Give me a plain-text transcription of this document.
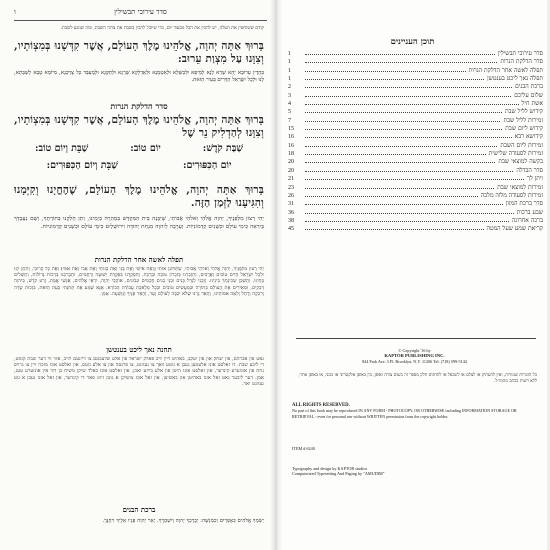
ו	סדר עירובי תבשילין
קודם ששוחטין את הטלה, יש להכין את הכל מבעוד יום, כדי שיוכל להכין בשבת את צרכי השבת, ומה שנוגע לשבת.
בָּרוּךְ אַתָּה יְהוָה, אֱלֹהֵינוּ מֶלֶךְ הָעוֹלָם, אֲשֶׁר קִדְּשָׁנוּ בְּמִצְוֹתָיו, וְצִוָּנוּ עַל מִצְוַת עֵרוּב:
בַּהֲדֵין עֵרוּבָא יְהֵא שָׁרֵא לָנָא לְמֵיפָא וּלְבַשָּׁלָא וּלְאַטְמָנָא וּלְאַדְלָקָא שְׁרָגָא וּלְתַקָּנָא וּלְמֶעְבַּד כָּל צָרְכָּנָא, מִיּוֹמָא טָבָא לְשַׁבְּתָא, לָנוּ וּלְכָל יִשְׂרָאֵל הַדָּרִים בָּעִיר הַזֹּאת.
סדר הדלקת הנרות
בָּרוּךְ אַתָּה יְהוָה, אֱלֹהֵינוּ מֶלֶךְ הָעוֹלָם, אֲשֶׁר קִדְּשָׁנוּ בְּמִצְוֹתָיו, וְצִוָּנוּ לְהַדְלִיק נֵר שֶׁל
שַׁבַּת קֹדֶשׁ:
יוֹם טוֹב:
שַׁבָּת וְיוֹם טוֹב:
יוֹם הַכִּפּוּרִים:
שַׁבָּת וְיוֹם הַכִּפּוּרִים:
בָּרוּךְ אַתָּה יְהוָה, אֱלֹהֵינוּ מֶלֶךְ הָעוֹלָם, שֶׁהֶחֱיָנוּ וְקִיְּמָנוּ וְהִגִּיעָנוּ לַזְּמַן הַזֶּה.
יְהִי רָצוֹן מִלְּפָנֶיךָ, יְהוָה אֱלֹהַי וֵאלֹהֵי אֲבוֹתַי, שֶׁיִּבָּנֶה בֵּית הַמִּקְדָּשׁ בִּמְהֵרָה בְיָמֵינוּ, וְתֵן חֶלְקֵנוּ בְּתוֹרָתֶךָ, וְשָׁם נַעֲבָדְךָ בְּיִרְאָה כִּימֵי עוֹלָם וּכְשָׁנִים קַדְמוֹנִיּוֹת. וְעָרְבָה לַיהוָה מִנְחַת יְהוּדָה וִירוּשָׁלָיִם כִּימֵי עוֹלָם וּכְשָׁנִים קַדְמוֹנִיּוֹת.
תפלה לאשה אחר הדלקת הנרות
יְהִי רָצוֹן מִלְּפָנֶיךָ, יְהוָה אֱלֹהַי וֵאלֹהֵי אֲבוֹתַי, שֶׁתְּחוֹנֵן אוֹתִי (וְאֶת אִישִׁי וְאֶת בָּנַי וְאֶת בְּנוֹתַי וְאֶת אָבִי וְאֶת אִמִּי) וְאֶת כָּל קְרוֹבַי, וְתִתֶּן לָנוּ וּלְכָל יִשְׂרָאֵל חַיִּים טוֹבִים וַאֲרֻכִּים, וְתִזְכְּרֵנוּ בְּזִכְרוֹן טוֹבָה וּבְרָכָה, וְתִפְקְדֵנוּ בִּפְקֻדַּת יְשׁוּעָה וְרַחֲמִים, וּתְבָרְכֵנוּ בְּרָכוֹת גְּדוֹלוֹת, וְתַשְׁלִים בָּתֵּינוּ, וְתַשְׁכֵּן שְׁכִינָתְךָ בֵּינֵינוּ. וְזַכֵּנִי לְגַדֵּל בָּנִים וּבְנֵי בָנִים חֲכָמִים וּנְבוֹנִים, אוֹהֲבֵי יְהוָה, יִרְאֵי אֱלֹהִים, אַנְשֵׁי אֱמֶת, זֶרַע קֹדֶשׁ, בַּיהוָה דְּבֵקִים, וּמְאִירִים אֶת הָעוֹלָם בַּתּוֹרָה וּבְמַעֲשִׂים טוֹבִים וּבְכָל מְלֶאכֶת עֲבוֹדַת הַבּוֹרֵא. אָנָּא שְׁמַע אֶת תְּחִנָּתִי בָּעֵת הַזֹּאת, בִּזְכוּת שָׂרָה וְרִבְקָה וְרָחֵל וְלֵאָה אִמּוֹתֵינוּ, וְהָאֵר נֵרֵנוּ שֶׁלֹּא יִכְבֶּה לְעוֹלָם וָעֶד, וְהָאֵר פָּנֶיךָ וְנִוָּשֵׁעָה. אָמֵן.
תחנה נאך ליכט בענטשן
גאט פון אברהם, פון יצחק און פון יעקב, באהיט דיין ליב פאלק ישראל פון אלע שלעכטס צו דיינעם לויב, אזוי ווי דער שבת קומט, די ליבע שבת. דו זאלסט אונז אלעמען געבן א גוטע וואך צו געזונט, צו פרנסה און צו אלע גוטס, און זאלסט אונז מזכה זיין צו גרויס נחת פון אונזערע קינדער, און זאלסט אונז היטן פון אלע בייזע זאכן. און זאלסט אונז באלד שיקן משיח בן דוד אין אונזערע טעג, אמן. דער ליבער גאט זאל אונז באהיטן און באשיצן, און זאל אונז צושיקן א גוטן זיווג פאר די קינדער, און זאל אונז געבן א גוט געזונט יאר.
ברכת הבנים
יְשִׂמְךָ אֱלֹהִים כְּאֶפְרַיִם וְכִמְנַשֶּׁה: יְבָרֶכְךָ יְהוָה וְיִשְׁמְרֶךָ. יָאֵר יְהוָה פָּנָיו אֵלֶיךָ וִיחֻנֶּךָּ.
תוכן העניינים
1	סדר עירובי תבשילין
1	סדר הדלקת הנרות
1	תפלה לאשה אחר הדלקת הנרות
1	תפלה נאך ליכט בענטשן
2	ברכת הבנים
3	שלום עליכם
4	אשת חיל
5	קידוש לליל שבת
7	זמירות לליל שבת
15	קידוש ליום שבת
16	קידושא רבא
16	זמירות ליום השבת
18	זמירות לסעודה שלישית
20	בקשה למוצאי שבת
20	סדר הבדלה
21	ויתן לך
23	זמירות למוצאי שבת
26	זמירות לסעודה מלוה מלכה
31	סדר ברכת המזון
36	שבע ברכות
38	ברכה אחרונה
45	קריאת שמע שעל המטה
© Copyright '16 by
KAPTOR PUBLISHING INC.
844 Park Ave. 3 Fl. Brooklyn, N.Y. 11206 Tel: (718) 599-5144
כל הזכויות שמורות, ואין להעתיק או לצלם או לשכפל או להדפיס חלק מספר זה בשום צורה ואופן, בין באופן אלקטרוני או מכני, או באופן אחר, ללא רשות בכתב מהמו״ל.
ALL RIGHTS RESERVED.
No part of this book may be reproduced IN ANY FORM - PHOTOCOPY, OR OTHERWISE including INFORMATION STORAGE OR RETRIEVAL - even for personal use without WRITTEN permission from the copyright holder.
ITEM # 6240
Typography and design by KAPTOR studios
Computerized Typesetting And Paging by "AMUDIM"
